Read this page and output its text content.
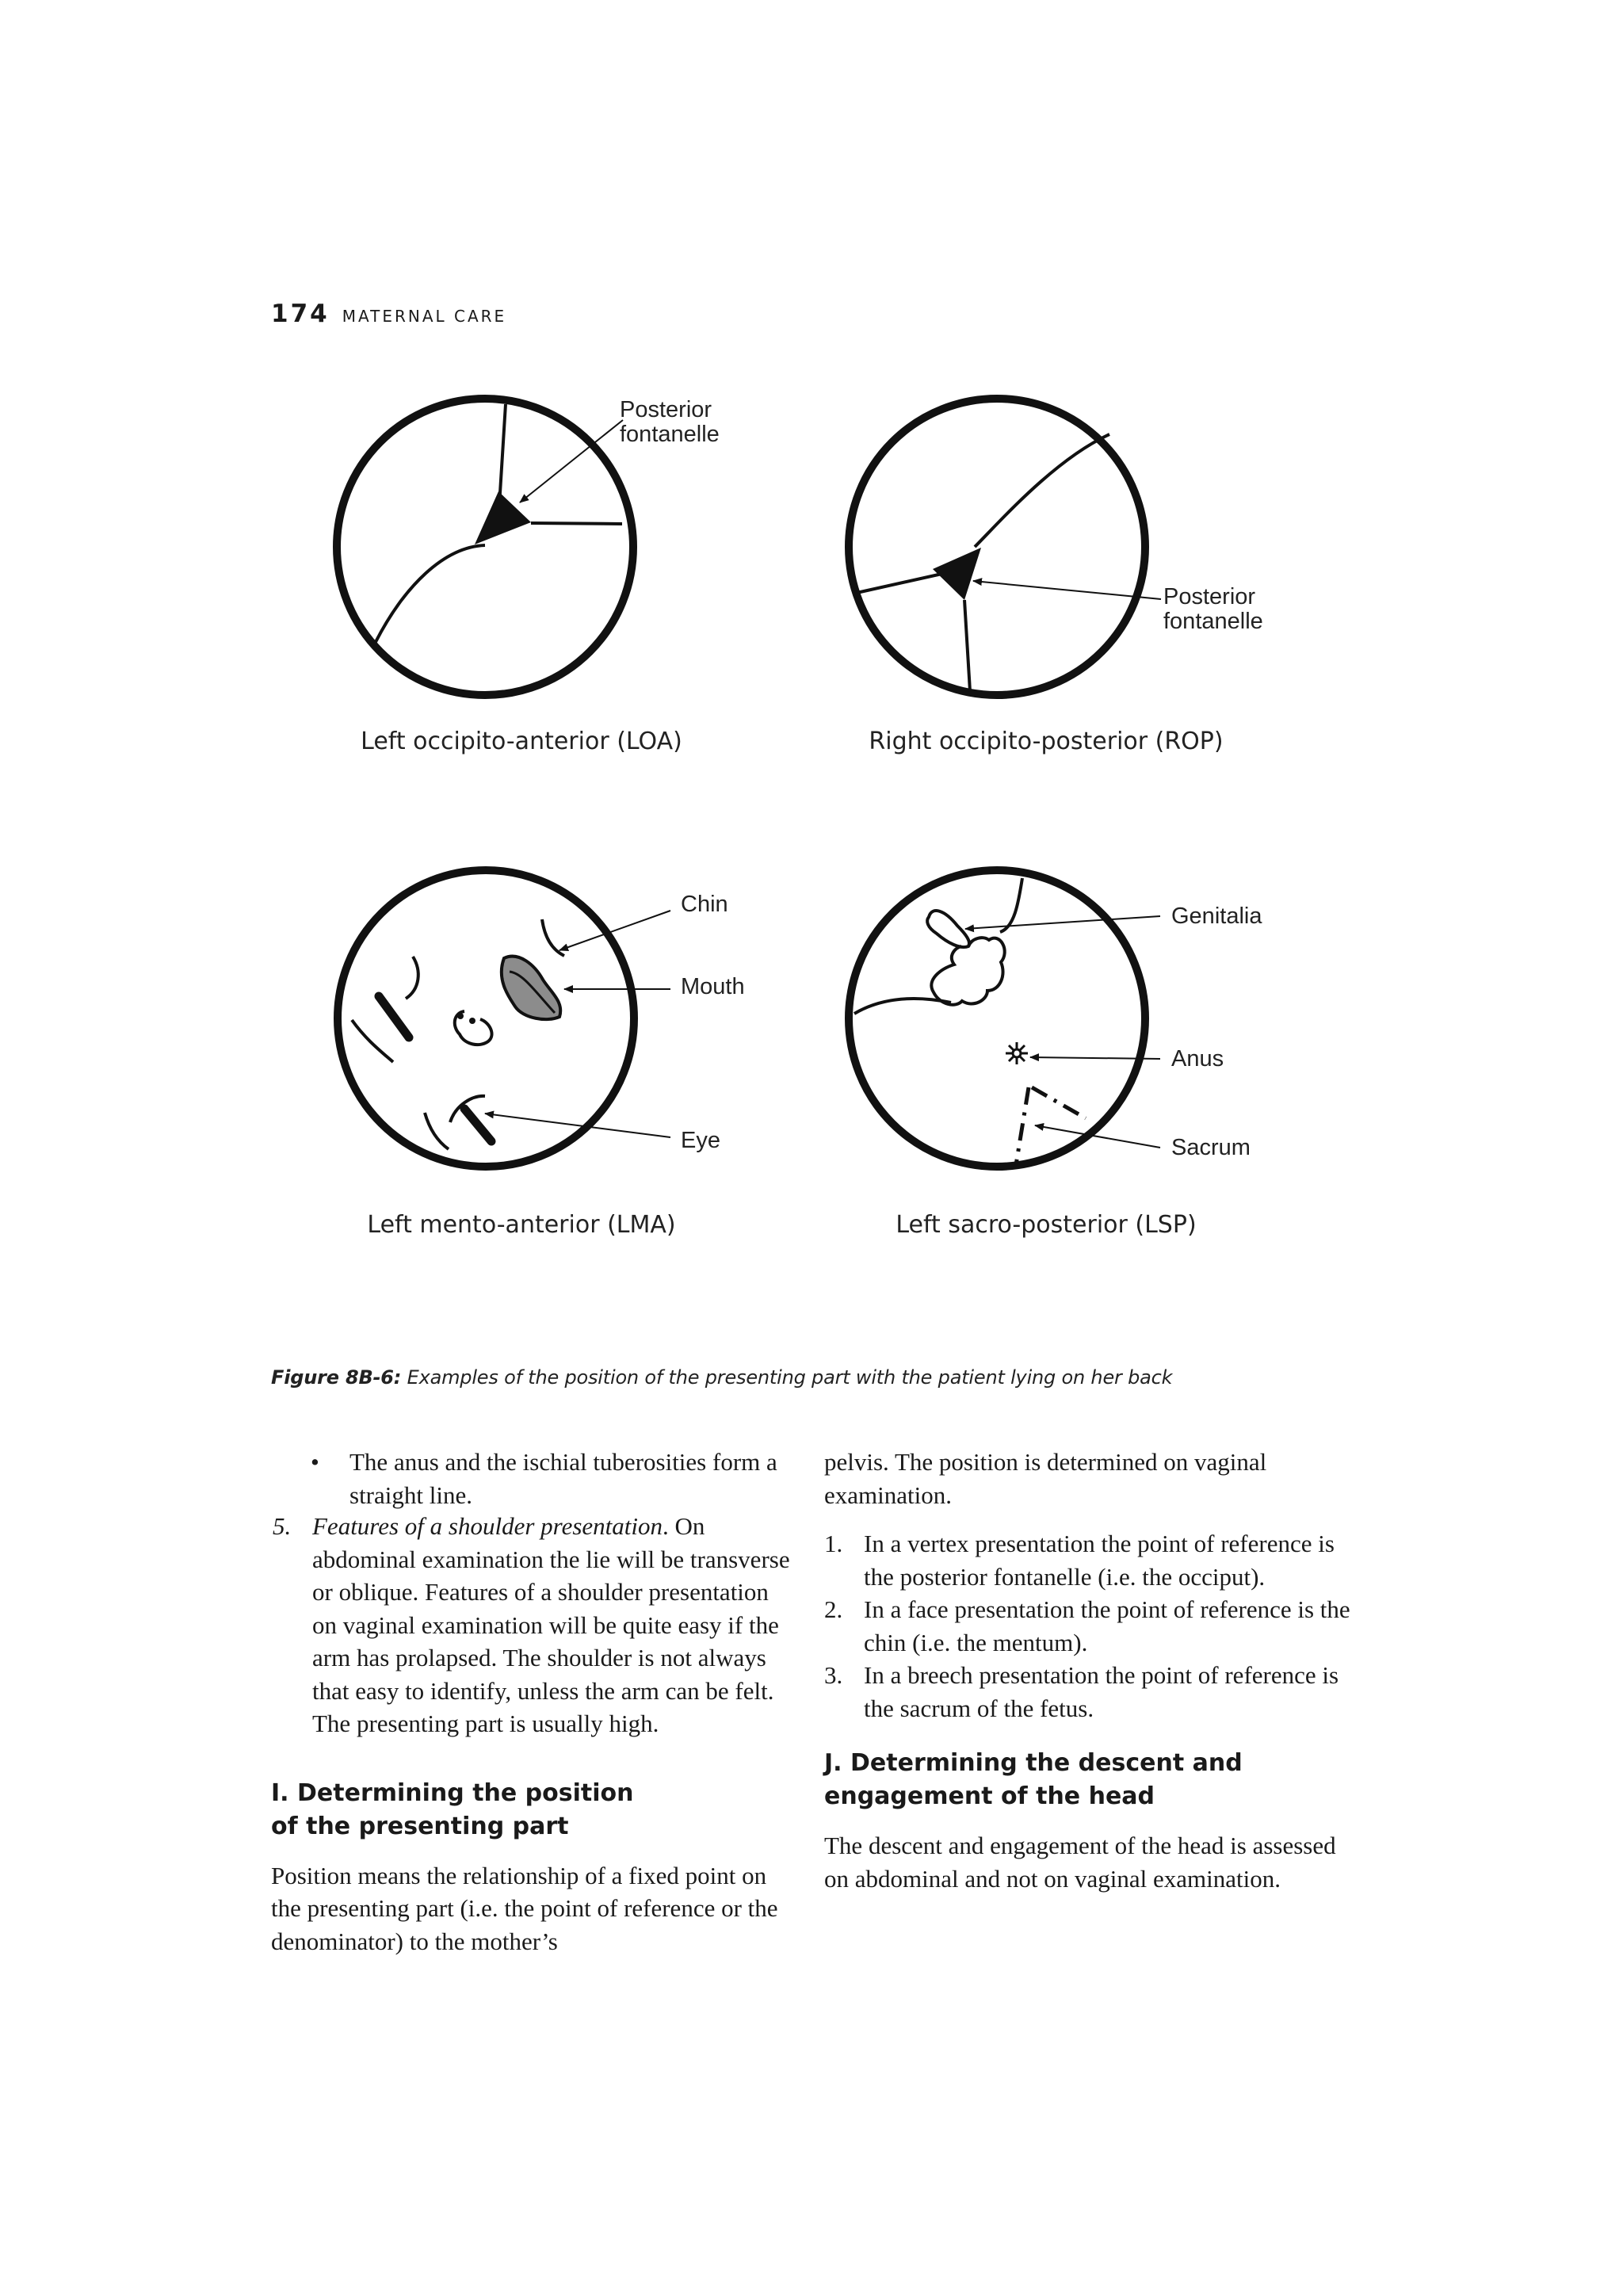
174 MATERNAL CARE
Posterior
fontanelle
Posterior
fontanelle
Chin
Mouth
Eye
Genitalia
Anus
Sacrum
Left occipito-anterior (LOA)	Right occipito-posterior (ROP)
Left mento-anterior (LMA)	Left sacro-posterior (LSP)
Figure 8B-6: Examples of the position of the presenting part with the patient lying on her back

• The anus and the ischial tuberosities form a straight line.

5. Features of a shoulder presentation. On abdominal examination the lie will be transverse or oblique. Features of a shoulder presentation on vaginal examination will be quite easy if the arm has prolapsed. The shoulder is not always that easy to identify, unless the arm can be felt. The presenting part is usually high.

I. Determining the position
of the presenting part

Position means the relationship of a fixed point on the presenting part (i.e. the point of reference or the denominator) to the mother’s

pelvis. The position is determined on vaginal examination.

1. In a vertex presentation the point of reference is the posterior fontanelle (i.e. the occiput).

2. In a face presentation the point of reference is the chin (i.e. the mentum).

3. In a breech presentation the point of reference is the sacrum of the fetus.

J. Determining the descent and
engagement of the head

The descent and engagement of the head is assessed on abdominal and not on vaginal examination.
